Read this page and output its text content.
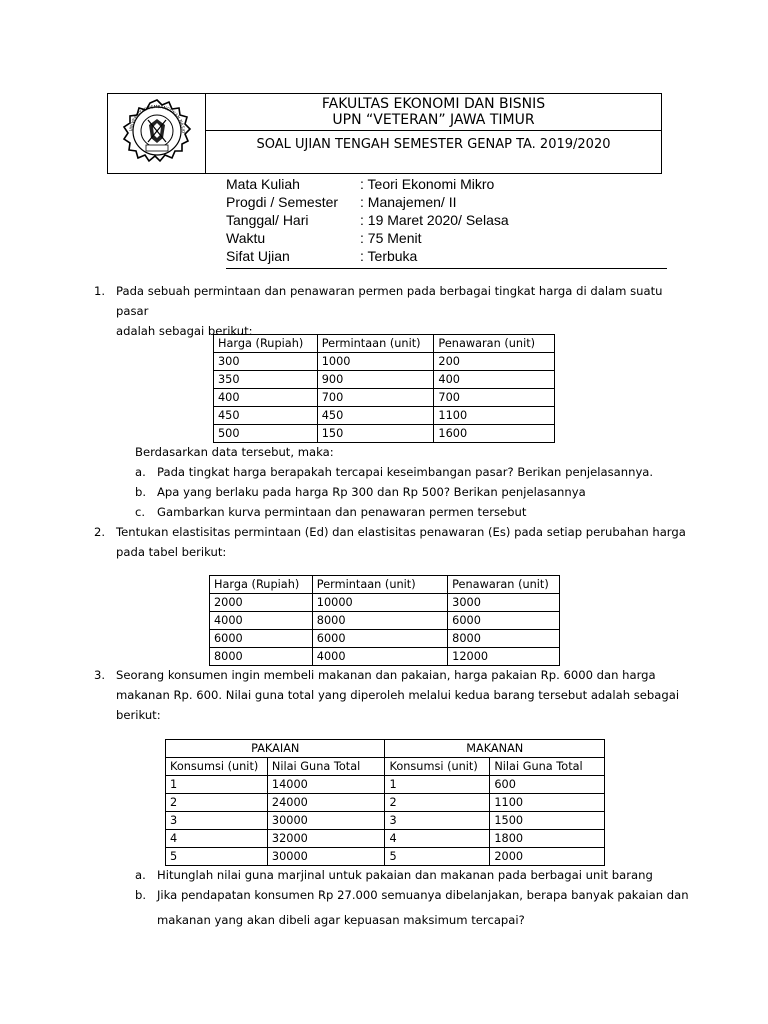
UNIVERSITAS PEMBANGUNAN NASIO
FAKULTAS EKONOMI DAN BISNIS
UPN “VETERAN” JAWA TIMUR
SOAL UJIAN TENGAH SEMESTER GENAP TA. 2019/2020
Mata Kuliah	: Teori Ekonomi Mikro
Progdi / Semester	: Manajemen/ II
Tanggal/ Hari	: 19 Maret 2020/ Selasa
Waktu	: 75 Menit
Sifat Ujian	: Terbuka
1. Pada sebuah permintaan dan penawaran permen pada berbagai tingkat harga di dalam suatu pasar
adalah sebagai berikut:
Harga (Rupiah)	Permintaan (unit)	Penawaran (unit)
300	1000	200
350	900	400
400	700	700
450	450	1100
500	150	1600
Berdasarkan data tersebut, maka:
a. Pada tingkat harga berapakah tercapai keseimbangan pasar? Berikan penjelasannya.
b. Apa yang berlaku pada harga Rp 300 dan Rp 500? Berikan penjelasannya
c. Gambarkan kurva permintaan dan penawaran permen tersebut
2. Tentukan elastisitas permintaan (Ed) dan elastisitas penawaran (Es) pada setiap perubahan harga
pada tabel berikut:
Harga (Rupiah)	Permintaan (unit)	Penawaran (unit)
2000	10000	3000
4000	8000	6000
6000	6000	8000
8000	4000	12000
3. Seorang konsumen ingin membeli makanan dan pakaian, harga pakaian Rp. 6000 dan harga
makanan Rp. 600. Nilai guna total yang diperoleh melalui kedua barang tersebut adalah sebagai
berikut:
PAKAIAN		MAKANAN	
Konsumsi (unit)	Nilai Guna Total	Konsumsi (unit)	Nilai Guna Total
1	14000	1	600
2	24000	2	1100
3	30000	3	1500
4	32000	4	1800
5	30000	5	2000
a. Hitunglah nilai guna marjinal untuk pakaian dan makanan pada berbagai unit barang
b. Jika pendapatan konsumen Rp 27.000 semuanya dibelanjakan, berapa banyak pakaian dan
makanan yang akan dibeli agar kepuasan maksimum tercapai?
